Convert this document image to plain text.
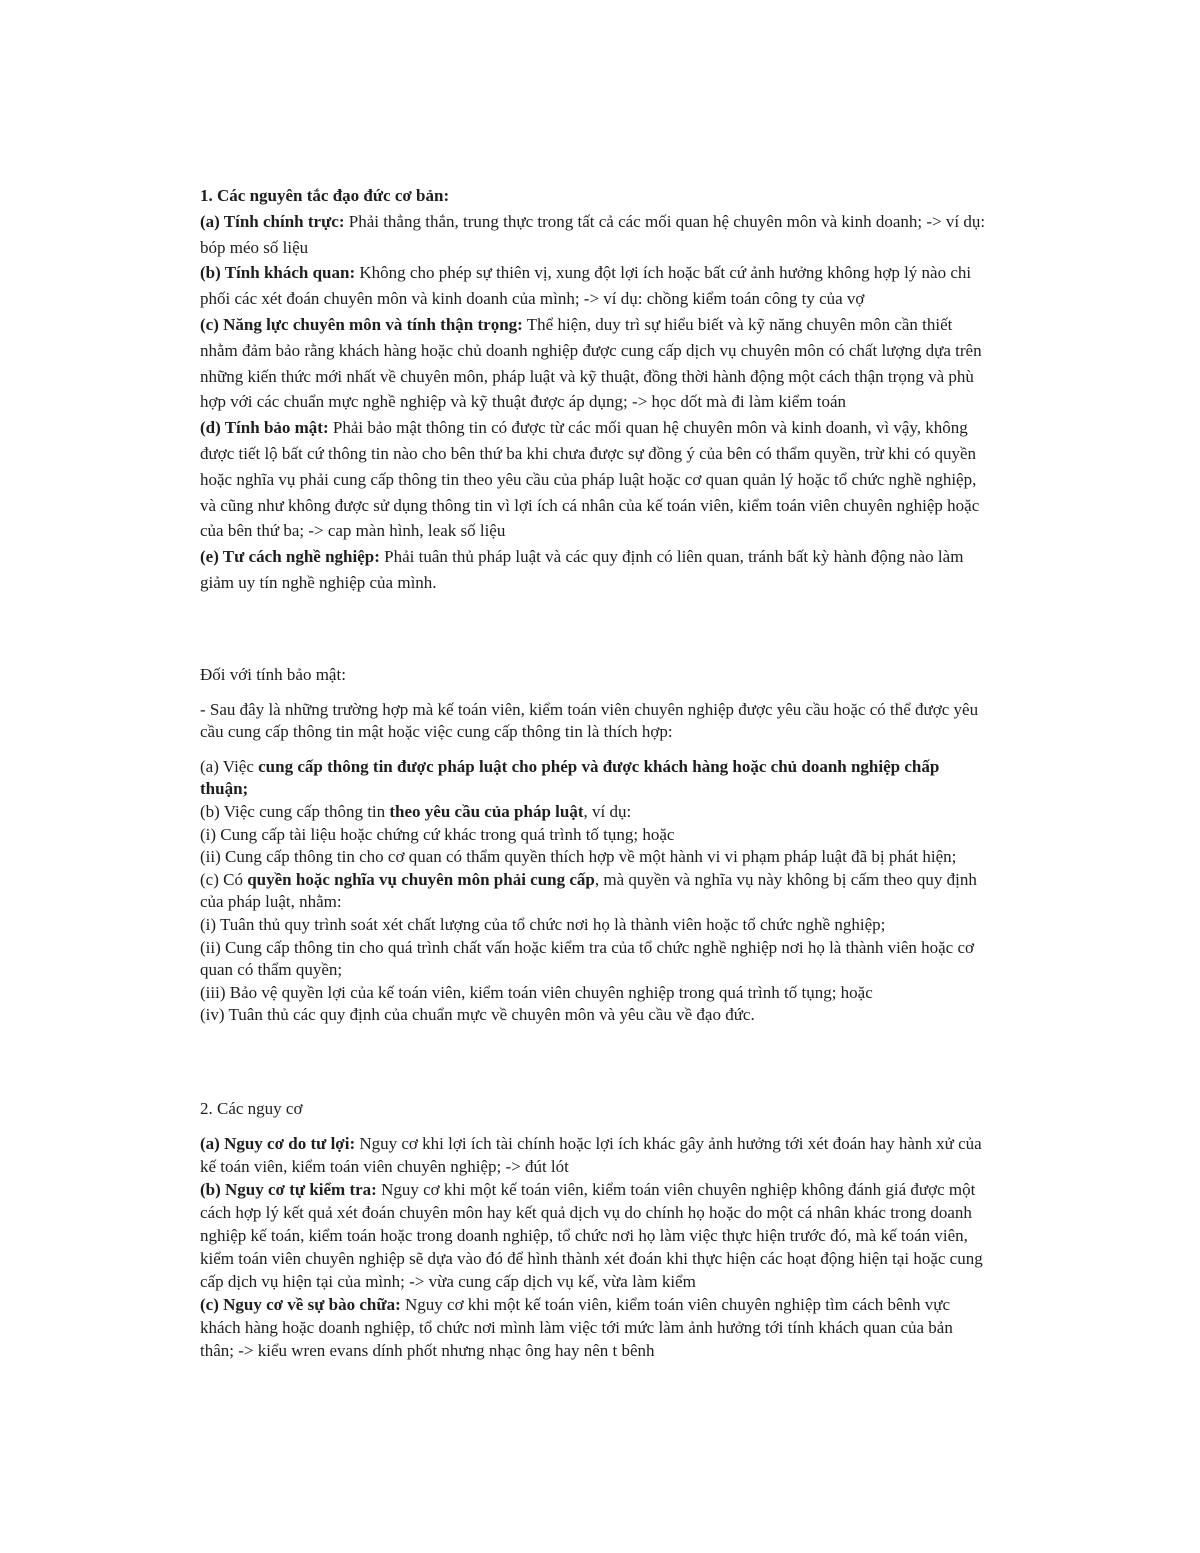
1. Các nguyên tắc đạo đức cơ bản:

(a) Tính chính trực: Phải thẳng thắn, trung thực trong tất cả các mối quan hệ chuyên môn và kinh doanh; -> ví dụ: bóp méo số liệu

(b) Tính khách quan: Không cho phép sự thiên vị, xung đột lợi ích hoặc bất cứ ảnh hưởng không hợp lý nào chi phối các xét đoán chuyên môn và kinh doanh của mình; -> ví dụ: chồng kiểm toán công ty của vợ

(c) Năng lực chuyên môn và tính thận trọng: Thể hiện, duy trì sự hiểu biết và kỹ năng chuyên môn cần thiết nhằm đảm bảo rằng khách hàng hoặc chủ doanh nghiệp được cung cấp dịch vụ chuyên môn có chất lượng dựa trên những kiến thức mới nhất về chuyên môn, pháp luật và kỹ thuật, đồng thời hành động một cách thận trọng và phù hợp với các chuẩn mực nghề nghiệp và kỹ thuật được áp dụng; -> học dốt mà đi làm kiểm toán

(d) Tính bảo mật: Phải bảo mật thông tin có được từ các mối quan hệ chuyên môn và kinh doanh, vì vậy, không được tiết lộ bất cứ thông tin nào cho bên thứ ba khi chưa được sự đồng ý của bên có thẩm quyền, trừ khi có quyền hoặc nghĩa vụ phải cung cấp thông tin theo yêu cầu của pháp luật hoặc cơ quan quản lý hoặc tổ chức nghề nghiệp, và cũng như không được sử dụng thông tin vì lợi ích cá nhân của kế toán viên, kiểm toán viên chuyên nghiệp hoặc của bên thứ ba; -> cap màn hình, leak số liệu

(e) Tư cách nghề nghiệp: Phải tuân thủ pháp luật và các quy định có liên quan, tránh bất kỳ hành động nào làm giảm uy tín nghề nghiệp của mình.

Đối với tính bảo mật:

- Sau đây là những trường hợp mà kế toán viên, kiểm toán viên chuyên nghiệp được yêu cầu hoặc có thể được yêu cầu cung cấp thông tin mật hoặc việc cung cấp thông tin là thích hợp:

(a) Việc cung cấp thông tin được pháp luật cho phép và được khách hàng hoặc chủ doanh nghiệp chấp thuận;

(b) Việc cung cấp thông tin theo yêu cầu của pháp luật, ví dụ:

(i) Cung cấp tài liệu hoặc chứng cứ khác trong quá trình tố tụng; hoặc

(ii) Cung cấp thông tin cho cơ quan có thẩm quyền thích hợp về một hành vi vi phạm pháp luật đã bị phát hiện;

(c) Có quyền hoặc nghĩa vụ chuyên môn phải cung cấp, mà quyền và nghĩa vụ này không bị cấm theo quy định của pháp luật, nhằm:

(i) Tuân thủ quy trình soát xét chất lượng của tổ chức nơi họ là thành viên hoặc tổ chức nghề nghiệp;

(ii) Cung cấp thông tin cho quá trình chất vấn hoặc kiểm tra của tổ chức nghề nghiệp nơi họ là thành viên hoặc cơ quan có thẩm quyền;

(iii) Bảo vệ quyền lợi của kế toán viên, kiểm toán viên chuyên nghiệp trong quá trình tố tụng; hoặc

(iv) Tuân thủ các quy định của chuẩn mực về chuyên môn và yêu cầu về đạo đức.

2. Các nguy cơ

(a) Nguy cơ do tư lợi: Nguy cơ khi lợi ích tài chính hoặc lợi ích khác gây ảnh hưởng tới xét đoán hay hành xử của kế toán viên, kiểm toán viên chuyên nghiệp; -> đút lót

(b) Nguy cơ tự kiểm tra: Nguy cơ khi một kế toán viên, kiểm toán viên chuyên nghiệp không đánh giá được một cách hợp lý kết quả xét đoán chuyên môn hay kết quả dịch vụ do chính họ hoặc do một cá nhân khác trong doanh nghiệp kế toán, kiểm toán hoặc trong doanh nghiệp, tổ chức nơi họ làm việc thực hiện trước đó, mà kế toán viên, kiểm toán viên chuyên nghiệp sẽ dựa vào đó để hình thành xét đoán khi thực hiện các hoạt động hiện tại hoặc cung cấp dịch vụ hiện tại của mình; -> vừa cung cấp dịch vụ kế, vừa làm kiểm

(c) Nguy cơ về sự bào chữa: Nguy cơ khi một kế toán viên, kiểm toán viên chuyên nghiệp tìm cách bênh vực khách hàng hoặc doanh nghiệp, tổ chức nơi mình làm việc tới mức làm ảnh hưởng tới tính khách quan của bản thân; -> kiểu wren evans dính phốt nhưng nhạc ông hay nên t bênh
